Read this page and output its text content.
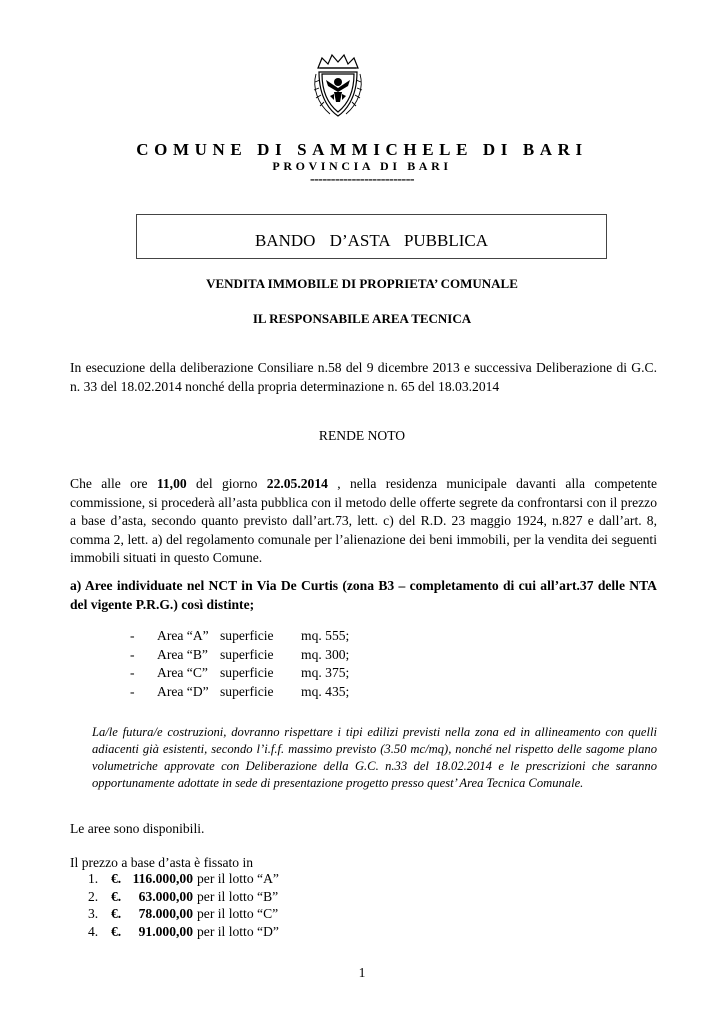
COMUNE DI SAMMICHELE DI BARI
PROVINCIA DI BARI
-------------------------
BANDO D’ASTA PUBBLICA
VENDITA IMMOBILE DI PROPRIETA’ COMUNALE
IL RESPONSABILE AREA TECNICA
In esecuzione della deliberazione Consiliare n.58 del 9 dicembre 2013 e successiva Deliberazione di G.C. n. 33 del 18.02.2014 nonché della propria determinazione n. 65 del 18.03.2014
RENDE NOTO
Che alle ore 11,00 del giorno 22.05.2014 , nella residenza municipale davanti alla competente commissione, si procederà all’asta pubblica con il metodo delle offerte segrete da confrontarsi con il prezzo a base d’asta, secondo quanto previsto dall’art.73, lett. c) del R.D. 23 maggio 1924, n.827 e dall’art. 8, comma 2, lett. a) del regolamento comunale per l’alienazione dei beni immobili, per la vendita dei seguenti immobili situati in questo Comune.
a) Aree individuate nel NCT in Via De Curtis (zona B3 – completamento di cui all’art.37 delle NTA del vigente P.R.G.) così distinte;
- Area “A” superficie mq. 555;
- Area “B” superficie mq. 300;
- Area “C” superficie mq. 375;
- Area “D” superficie mq. 435;
La/le futura/e costruzioni, dovranno rispettare i tipi edilizi previsti nella zona ed in allineamento con quelli adiacenti già esistenti, secondo l’i.f.f. massimo previsto (3.50 mc/mq), nonché nel rispetto delle sagome plano volumetriche approvate con Deliberazione della G.C. n.33 del 18.02.2014 e le prescrizioni che saranno opportunamente adottate in sede di presentazione progetto presso quest’ Area Tecnica Comunale.
Le aree sono disponibili.
Il prezzo a base d’asta è fissato in
1. €. 116.000,00 per il lotto “A”
2. €. 63.000,00 per il lotto “B”
3. €. 78.000,00 per il lotto “C”
4. €. 91.000,00 per il lotto “D”
1
